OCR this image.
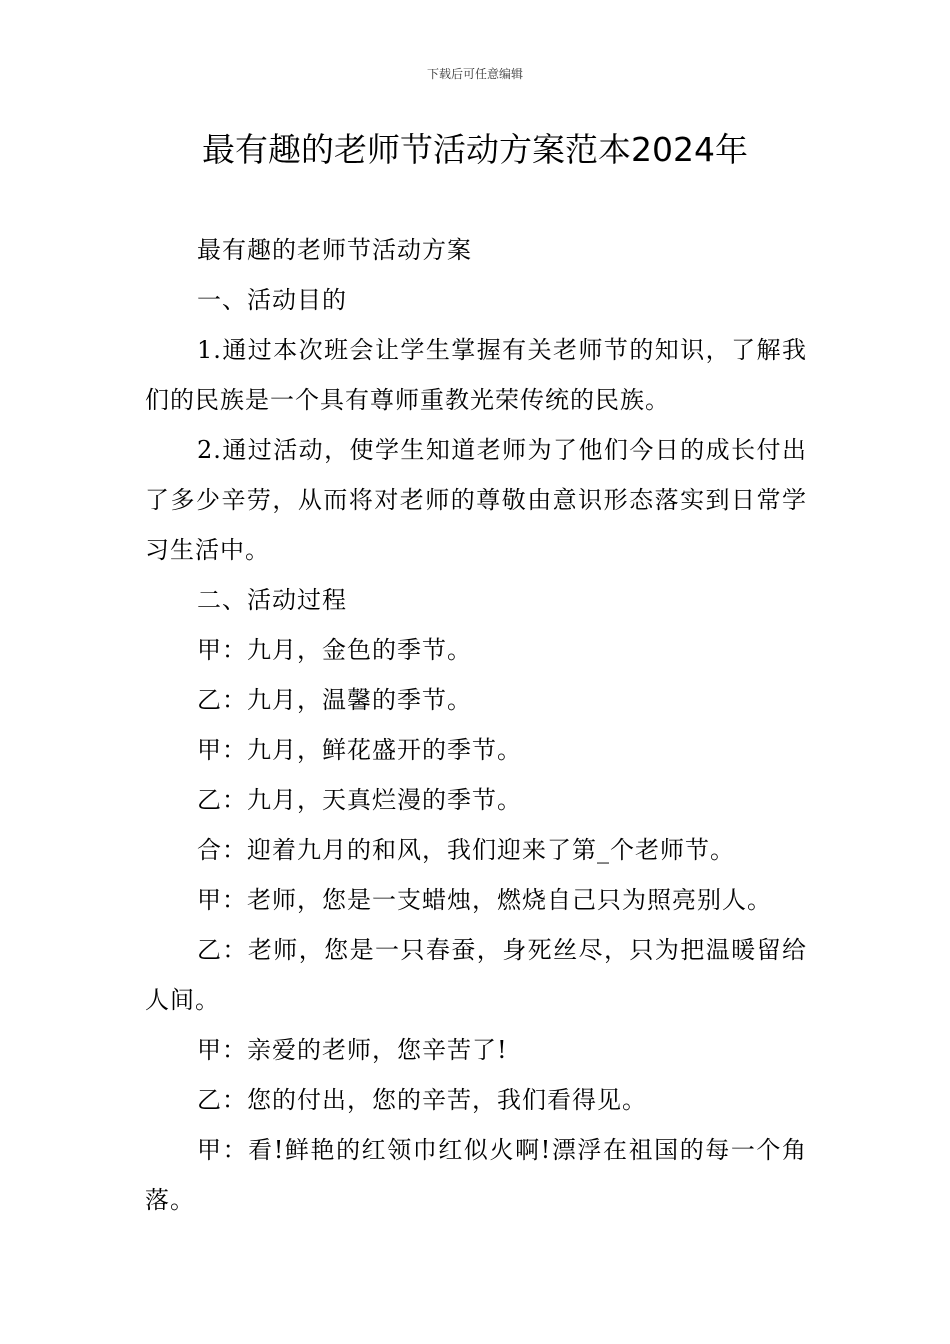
下载后可任意编辑
最有趣的老师节活动方案范本2024年

最有趣的老师节活动方案

一、活动目的

1.通过本次班会让学生掌握有关老师节的知识，了解我们的民族是一个具有尊师重教光荣传统的民族。

2.通过活动，使学生知道老师为了他们今日的成长付出了多少辛劳，从而将对老师的尊敬由意识形态落实到日常学习生活中。

二、活动过程

甲：九月，金色的季节。

乙：九月，温馨的季节。

甲：九月，鲜花盛开的季节。

乙：九月，天真烂漫的季节。

合：迎着九月的和风，我们迎来了第_个老师节。

甲：老师，您是一支蜡烛，燃烧自己只为照亮别人。

乙：老师，您是一只春蚕，身死丝尽，只为把温暖留给人间。

甲：亲爱的老师，您辛苦了!

乙：您的付出，您的辛苦，我们看得见。

甲：看!鲜艳的红领巾红似火啊!漂浮在祖国的每一个角落。
